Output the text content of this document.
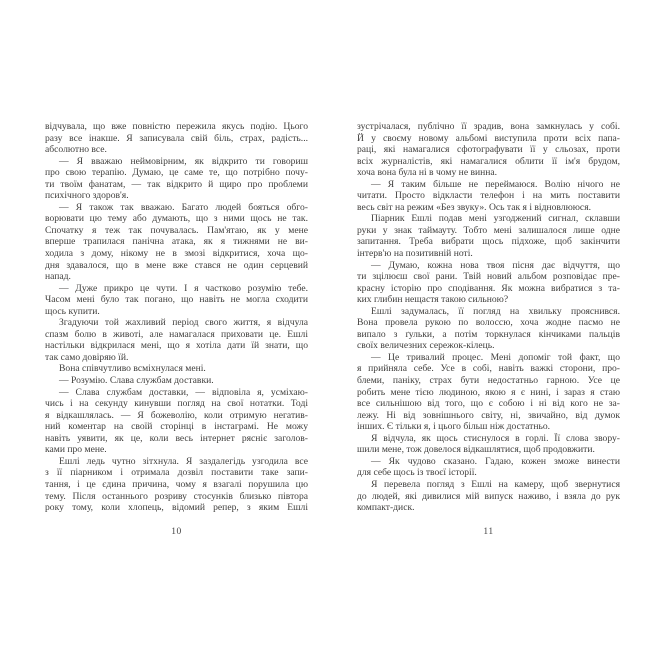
відчувала, що вже повністю пережила якусь подію. Цього
разу все інакше. Я записувала свій біль, страх, радість...
абсолютно все.
— Я вважаю неймовірним, як відкрито ти говориш
про свою терапію. Думаю, це саме те, що потрібно почу-
ти твоїм фанатам, — так відкрито й щиро про проблеми
психічного здоров'я.
— Я також так вважаю. Багато людей бояться обго-
ворювати цю тему або думають, що з ними щось не так.
Спочатку я теж так почувалась. Пам'ятаю, як у мене
вперше трапилася панічна атака, як я тижнями не ви-
ходила з дому, нікому не в змозі відкритися, хоча що-
дня здавалося, що в мене вже стався не один серцевий
напад.
— Дуже прикро це чути. І я частково розумію тебе.
Часом мені було так погано, що навіть не могла сходити
щось купити.
Згадуючи той жахливий період свого життя, я відчула
спазм болю в животі, але намагалася приховати це. Ешлі
настільки відкрилася мені, що я хотіла дати їй знати, що
так само довіряю їй.
Вона співчутливо всміхнулася мені.
— Розумію. Слава службам доставки.
— Слава службам доставки, — відповіла я, усміхаю-
чись і на секунду кинувши погляд на свої нотатки. Тоді
я відкашлялась. — Я божеволію, коли отримую негатив-
ний коментар на своїй сторінці в інстаграмі. Не можу
навіть уявити, як це, коли весь інтернет рясніє заголов-
ками про мене.
Ешлі ледь чутно зітхнула. Я заздалегідь узгодила все
з її піарником і отримала дозвіл поставити таке запи-
тання, і це єдина причина, чому я взагалі порушила цю
тему. Після останнього розриву стосунків близько півтора
року тому, коли хлопець, відомий репер, з яким Ешлі
10
зустрічалася, публічно її зрадив, вона замкнулась у собі.
Й у своєму новому альбомі виступила проти всіх папа-
раці, які намагалися сфотографувати її у сльозах, проти
всіх журналістів, які намагалися облити її ім'я брудом,
хоча вона була ні в чому не винна.
— Я таким більше не переймаюся. Волію нічого не
читати. Просто відкласти телефон і на мить поставити
весь світ на режим «Без звуку». Ось так я і відновлююся.
Піарник Ешлі подав мені узгоджений сигнал, склавши
руки у знак таймауту. Тобто мені залишалося лише одне
запитання. Треба вибрати щось підхоже, щоб закінчити
інтерв'ю на позитивній ноті.
— Думаю, кожна нова твоя пісня дає відчуття, що
ти зцілюєш свої рани. Твій новий альбом розповідає пре-
красну історію про сподівання. Як можна вибратися з та-
ких глибин нещастя такою сильною?
Ешлі задумалась, її погляд на хвильку прояснився.
Вона провела рукою по волоссю, хоча жодне пасмо не
випало з ґульки, а потім торкнулася кінчиками пальців
своїх величезних сережок-кілець.
— Це тривалий процес. Мені допоміг той факт, що
я прийняла себе. Усе в собі, навіть важкі сторони, про-
блеми, паніку, страх бути недостатньо гарною. Усе це
робить мене тією людиною, якою я є нині, і зараз я стаю
все сильнішою від того, що є собою і ні від кого не за-
лежу. Ні від зовнішнього світу, ні, звичайно, від думок
інших. Є тільки я, і цього більш ніж достатньо.
Я відчула, як щось стиснулося в горлі. Її слова звору-
шили мене, тож довелося відкашлятися, щоб продовжити.
— Як чудово сказано. Гадаю, кожен зможе винести
для себе щось із твоєї історії.
Я перевела погляд з Ешлі на камеру, щоб звернутися
до людей, які дивилися мій випуск наживо, і взяла до рук
компакт-диск.
11
